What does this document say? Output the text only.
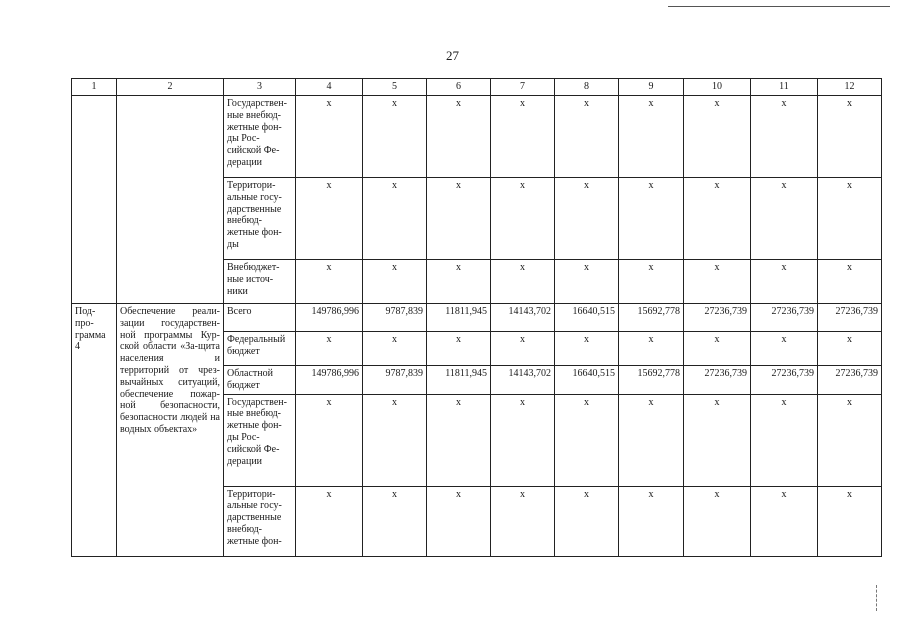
27
1	2	3	4	5	6	7	8	9	10	11	12
		Государствен-ные внебюд-жетные фон-ды Рос-сийской Фе-дерации	x	x	x	x	x	x	x	x	x
		Территори-альные госу-дарственные внебюд-жетные фон-ды	x	x	x	x	x	x	x	x	x
		Внебюджет-ные источ-ники	x	x	x	x	x	x	x	x	x
Под-про-грамма 4	Обеспечение реали-зации государствен-ной программы Кур-ской области «За-щита населения и территорий от чрез-вычайных ситуаций, обеспечение пожар-ной безопасности, безопасности людей на водных объектах»	Всего	149786,996	9787,839	11811,945	14143,702	16640,515	15692,778	27236,739	27236,739	27236,739
		Федеральный бюджет	x	x	x	x	x	x	x	x	x
		Областной бюджет	149786,996	9787,839	11811,945	14143,702	16640,515	15692,778	27236,739	27236,739	27236,739
		Государствен-ные внебюд-жетные фон-ды Рос-сийской Фе-дерации	x	x	x	x	x	x	x	x	x
		Территори-альные госу-дарственные внебюд-жетные фон-	x	x	x	x	x	x	x	x	x
